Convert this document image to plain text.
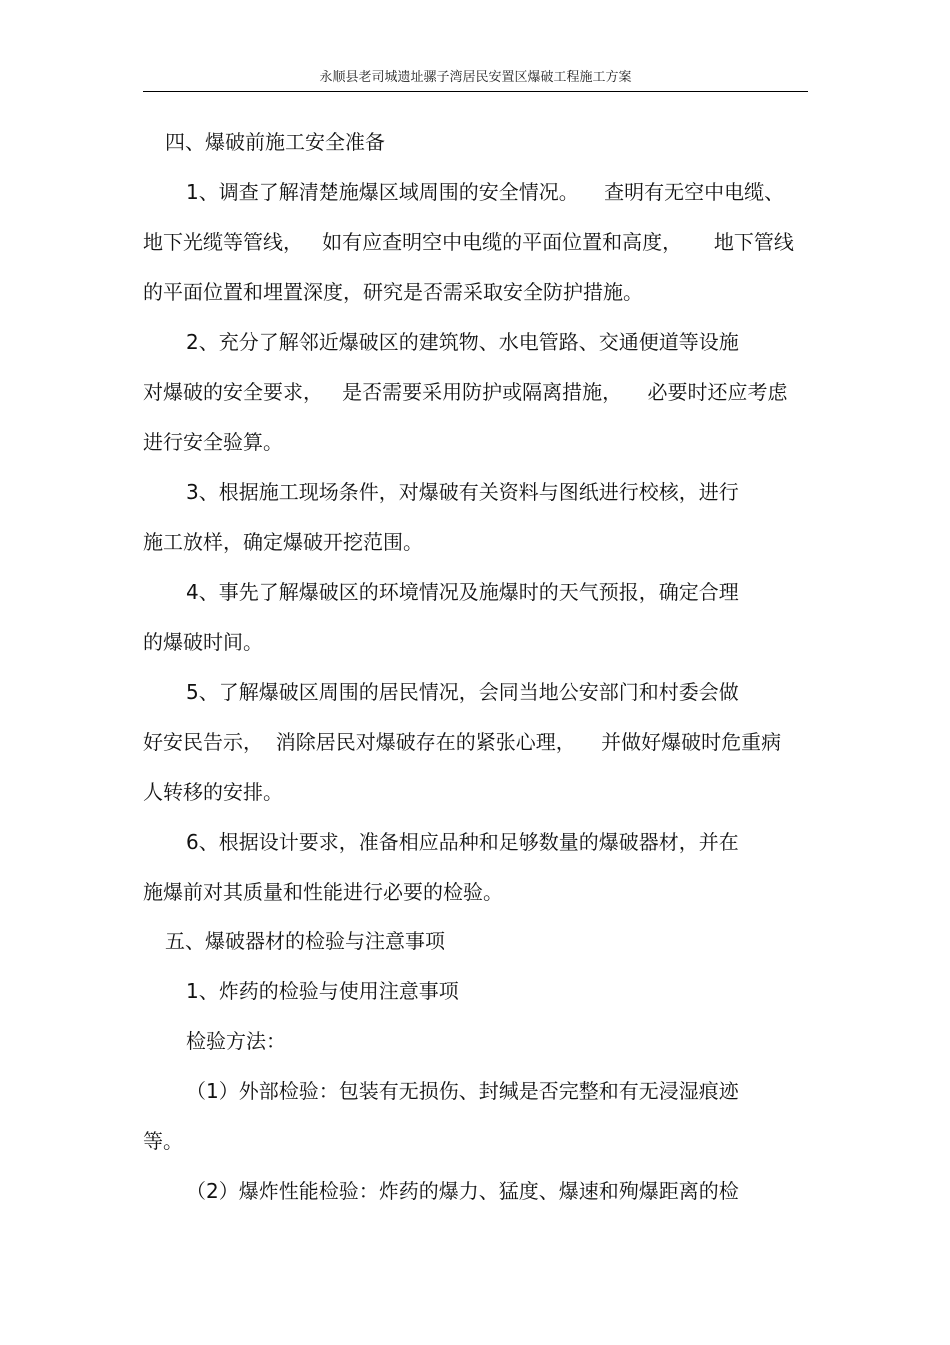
永顺县老司城遗址骡子湾居民安置区爆破工程施工方案
四、爆破前施工安全准备
1、调查了解清楚施爆区域周围的安全情况。    查明有无空中电缆、
地下光缆等管线，   如有应查明空中电缆的平面位置和高度，     地下管线
的平面位置和埋置深度，研究是否需采取安全防护措施。
2、充分了解邻近爆破区的建筑物、水电管路、交通便道等设施
对爆破的安全要求，   是否需要采用防护或隔离措施，    必要时还应考虑
进行安全验算。
3、根据施工现场条件，对爆破有关资料与图纸进行校核，进行
施工放样，确定爆破开挖范围。
4、事先了解爆破区的环境情况及施爆时的天气预报，确定合理
的爆破时间。
5、了解爆破区周围的居民情况，会同当地公安部门和村委会做
好安民告示，  消除居民对爆破存在的紧张心理，    并做好爆破时危重病
人转移的安排。
6、根据设计要求，准备相应品种和足够数量的爆破器材，并在
施爆前对其质量和性能进行必要的检验。
五、爆破器材的检验与注意事项
1、炸药的检验与使用注意事项
检验方法：
（1）外部检验：包装有无损伤、封缄是否完整和有无浸湿痕迹
等。
（2）爆炸性能检验：炸药的爆力、猛度、爆速和殉爆距离的检
